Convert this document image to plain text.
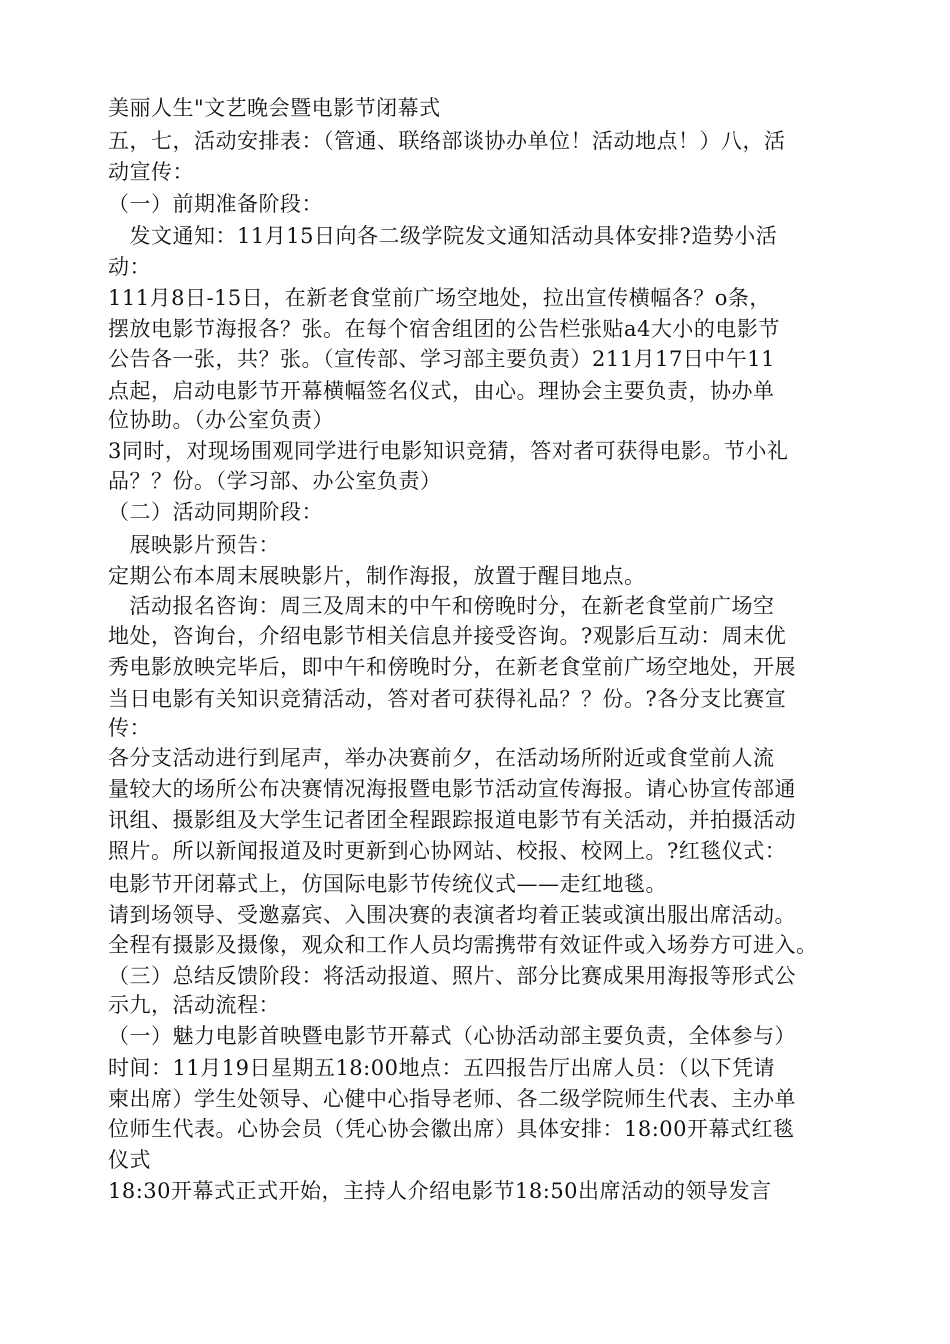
美丽人生"文艺晚会暨电影节闭幕式
五，七，活动安排表：（管通、联络部谈协办单位！活动地点！）八，活
动宣传：
（一）前期准备阶段：
　发文通知：11月15日向各二级学院发文通知活动具体安排?造势小活
动：
111月8日-15日，在新老食堂前广场空地处，拉出宣传横幅各？o条，
摆放电影节海报各？张。在每个宿舍组团的公告栏张贴a4大小的电影节
公告各一张，共？张。（宣传部、学习部主要负责）211月17日中午11
点起，启动电影节开幕横幅签名仪式，由心。理协会主要负责，协办单
位协助。（办公室负责）
3同时，对现场围观同学进行电影知识竞猜，答对者可获得电影。节小礼
品？？份。（学习部、办公室负责）
（二）活动同期阶段：
　展映影片预告：
定期公布本周末展映影片，制作海报，放置于醒目地点。
　活动报名咨询：周三及周末的中午和傍晚时分，在新老食堂前广场空
地处，咨询台，介绍电影节相关信息并接受咨询。?观影后互动：周末优
秀电影放映完毕后，即中午和傍晚时分，在新老食堂前广场空地处，开展
当日电影有关知识竞猜活动，答对者可获得礼品？？份。?各分支比赛宣
传：
各分支活动进行到尾声，举办决赛前夕，在活动场所附近或食堂前人流
量较大的场所公布决赛情况海报暨电影节活动宣传海报。请心协宣传部通
讯组、摄影组及大学生记者团全程跟踪报道电影节有关活动，并拍摄活动
照片。所以新闻报道及时更新到心协网站、校报、校网上。?红毯仪式：
电影节开闭幕式上，仿国际电影节传统仪式——走红地毯。
请到场领导、受邀嘉宾、入围决赛的表演者均着正装或演出服出席活动。
全程有摄影及摄像，观众和工作人员均需携带有效证件或入场券方可进入。
（三）总结反馈阶段：将活动报道、照片、部分比赛成果用海报等形式公
示九，活动流程：
（一）魅力电影首映暨电影节开幕式（心协活动部主要负责，全体参与）
时间：11月19日星期五18:00地点：五四报告厅出席人员：（以下凭请
柬出席）学生处领导、心健中心指导老师、各二级学院师生代表、主办单
位师生代表。心协会员（凭心协会徽出席）具体安排：18:00开幕式红毯
仪式
18:30开幕式正式开始，主持人介绍电影节18:50出席活动的领导发言
